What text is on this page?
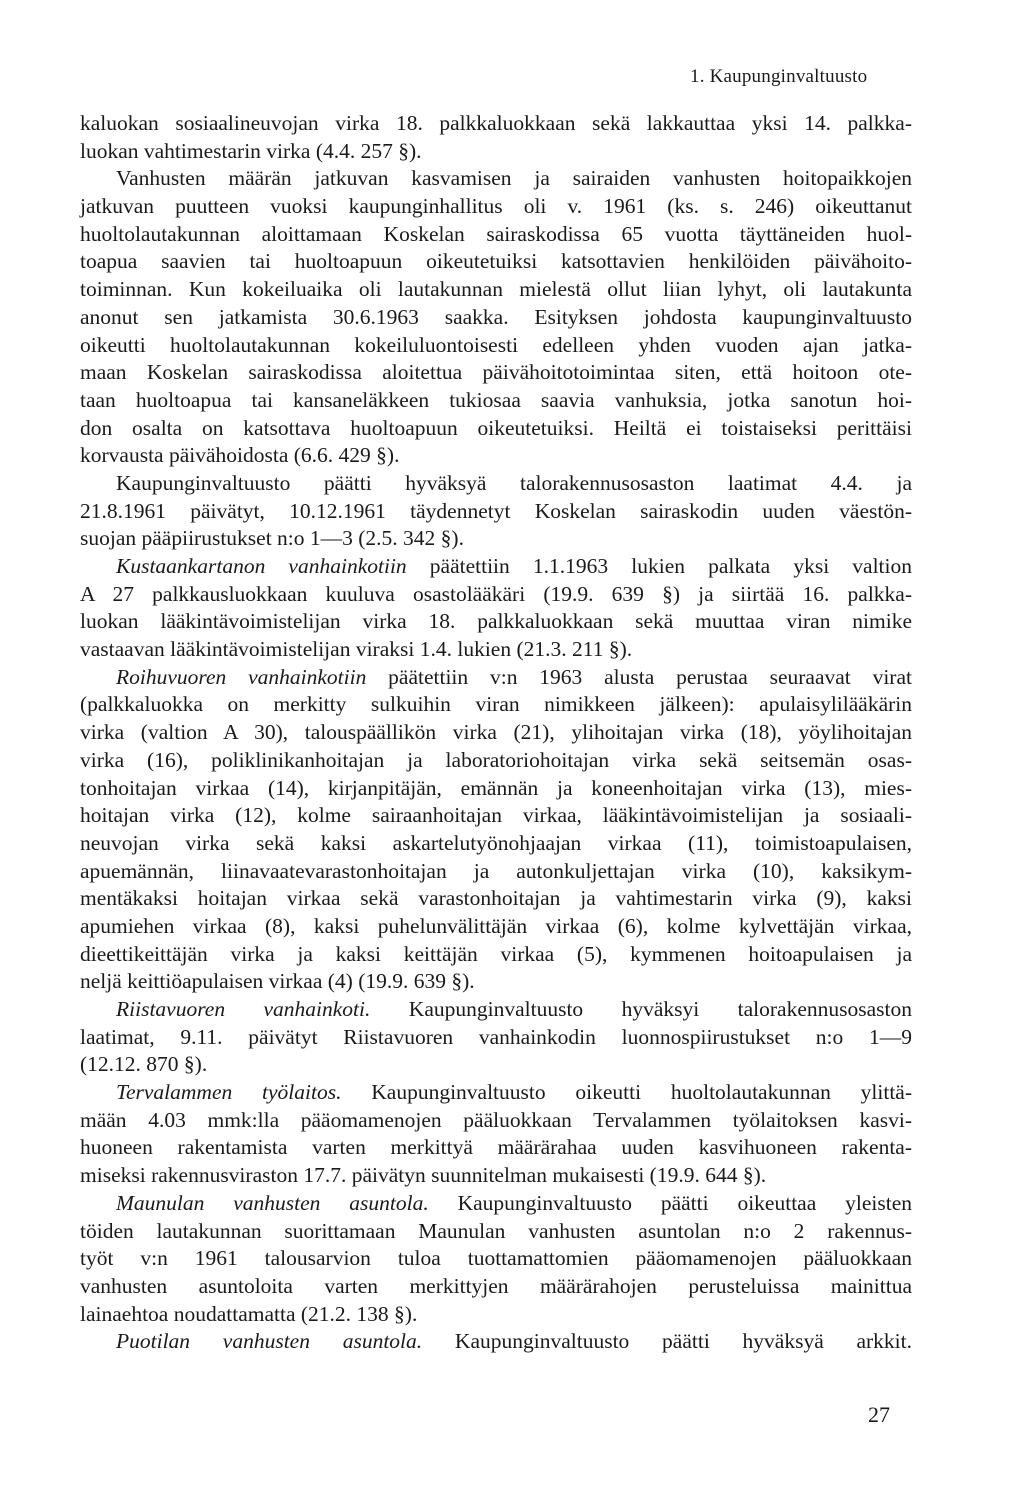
1. Kaupunginvaltuusto
kaluokan sosiaalineuvojan virka 18. palkkaluokkaan sekä lakkauttaa yksi 14. palkka-
luokan vahtimestarin virka (4.4. 257 §).
Vanhusten määrän jatkuvan kasvamisen ja sairaiden vanhusten hoitopaikkojen
jatkuvan puutteen vuoksi kaupunginhallitus oli v. 1961 (ks. s. 246) oikeuttanut
huoltolautakunnan aloittamaan Koskelan sairaskodissa 65 vuotta täyttäneiden huol-
toapua saavien tai huoltoapuun oikeutetuiksi katsottavien henkilöiden päivähoito-
toiminnan. Kun kokeiluaika oli lautakunnan mielestä ollut liian lyhyt, oli lautakunta
anonut sen jatkamista 30.6.1963 saakka. Esityksen johdosta kaupunginvaltuusto
oikeutti huoltolautakunnan kokeiluluontoisesti edelleen yhden vuoden ajan jatka-
maan Koskelan sairaskodissa aloitettua päivähoitotoimintaa siten, että hoitoon ote-
taan huoltoapua tai kansaneläkkeen tukiosaa saavia vanhuksia, jotka sanotun hoi-
don osalta on katsottava huoltoapuun oikeutetuiksi. Heiltä ei toistaiseksi perittäisi
korvausta päivähoidosta (6.6. 429 §).
Kaupunginvaltuusto päätti hyväksyä talorakennusosaston laatimat 4.4. ja
21.8.1961 päivätyt, 10.12.1961 täydennetyt Koskelan sairaskodin uuden väestön-
suojan pääpiirustukset n:o 1—3 (2.5. 342 §).
Kustaankartanon vanhainkotiin päätettiin 1.1.1963 lukien palkata yksi valtion
A 27 palkkausluokkaan kuuluva osastolääkäri (19.9. 639 §) ja siirtää 16. palkka-
luokan lääkintävoimistelijan virka 18. palkkaluokkaan sekä muuttaa viran nimike
vastaavan lääkintävoimistelijan viraksi 1.4. lukien (21.3. 211 §).
Roihuvuoren vanhainkotiin päätettiin v:n 1963 alusta perustaa seuraavat virat
(palkkaluokka on merkitty sulkuihin viran nimikkeen jälkeen): apulaisylilääkärin
virka (valtion A 30), talouspäällikön virka (21), ylihoitajan virka (18), yöylihoitajan
virka (16), poliklinikanhoitajan ja laboratoriohoitajan virka sekä seitsemän osas-
tonhoitajan virkaa (14), kirjanpitäjän, emännän ja koneenhoitajan virka (13), mies-
hoitajan virka (12), kolme sairaanhoitajan virkaa, lääkintävoimistelijan ja sosiaali-
neuvojan virka sekä kaksi askartelutyönohjaajan virkaa (11), toimistoapulaisen,
apuemännän, liinavaatevarastonhoitajan ja autonkuljettajan virka (10), kaksikym-
mentäkaksi hoitajan virkaa sekä varastonhoitajan ja vahtimestarin virka (9), kaksi
apumiehen virkaa (8), kaksi puhelunvälittäjän virkaa (6), kolme kylvettäjän virkaa,
dieettikeittäjän virka ja kaksi keittäjän virkaa (5), kymmenen hoitoapulaisen ja
neljä keittiöapulaisen virkaa (4) (19.9. 639 §).
Riistavuoren vanhainkoti. Kaupunginvaltuusto hyväksyi talorakennusosaston
laatimat, 9.11. päivätyt Riistavuoren vanhainkodin luonnospiirustukset n:o 1—9
(12.12. 870 §).
Tervalammen työlaitos. Kaupunginvaltuusto oikeutti huoltolautakunnan ylittä-
mään 4.03 mmk:lla pääomamenojen pääluokkaan Tervalammen työlaitoksen kasvi-
huoneen rakentamista varten merkittyä määrärahaa uuden kasvihuoneen rakenta-
miseksi rakennusviraston 17.7. päivätyn suunnitelman mukaisesti (19.9. 644 §).
Maunulan vanhusten asuntola. Kaupunginvaltuusto päätti oikeuttaa yleisten
töiden lautakunnan suorittamaan Maunulan vanhusten asuntolan n:o 2 rakennus-
työt v:n 1961 talousarvion tuloa tuottamattomien pääomamenojen pääluokkaan
vanhusten asuntoloita varten merkittyjen määrärahojen perusteluissa mainittua
lainaehtoa noudattamatta (21.2. 138 §).
Puotilan vanhusten asuntola. Kaupunginvaltuusto päätti hyväksyä arkkit.
27
